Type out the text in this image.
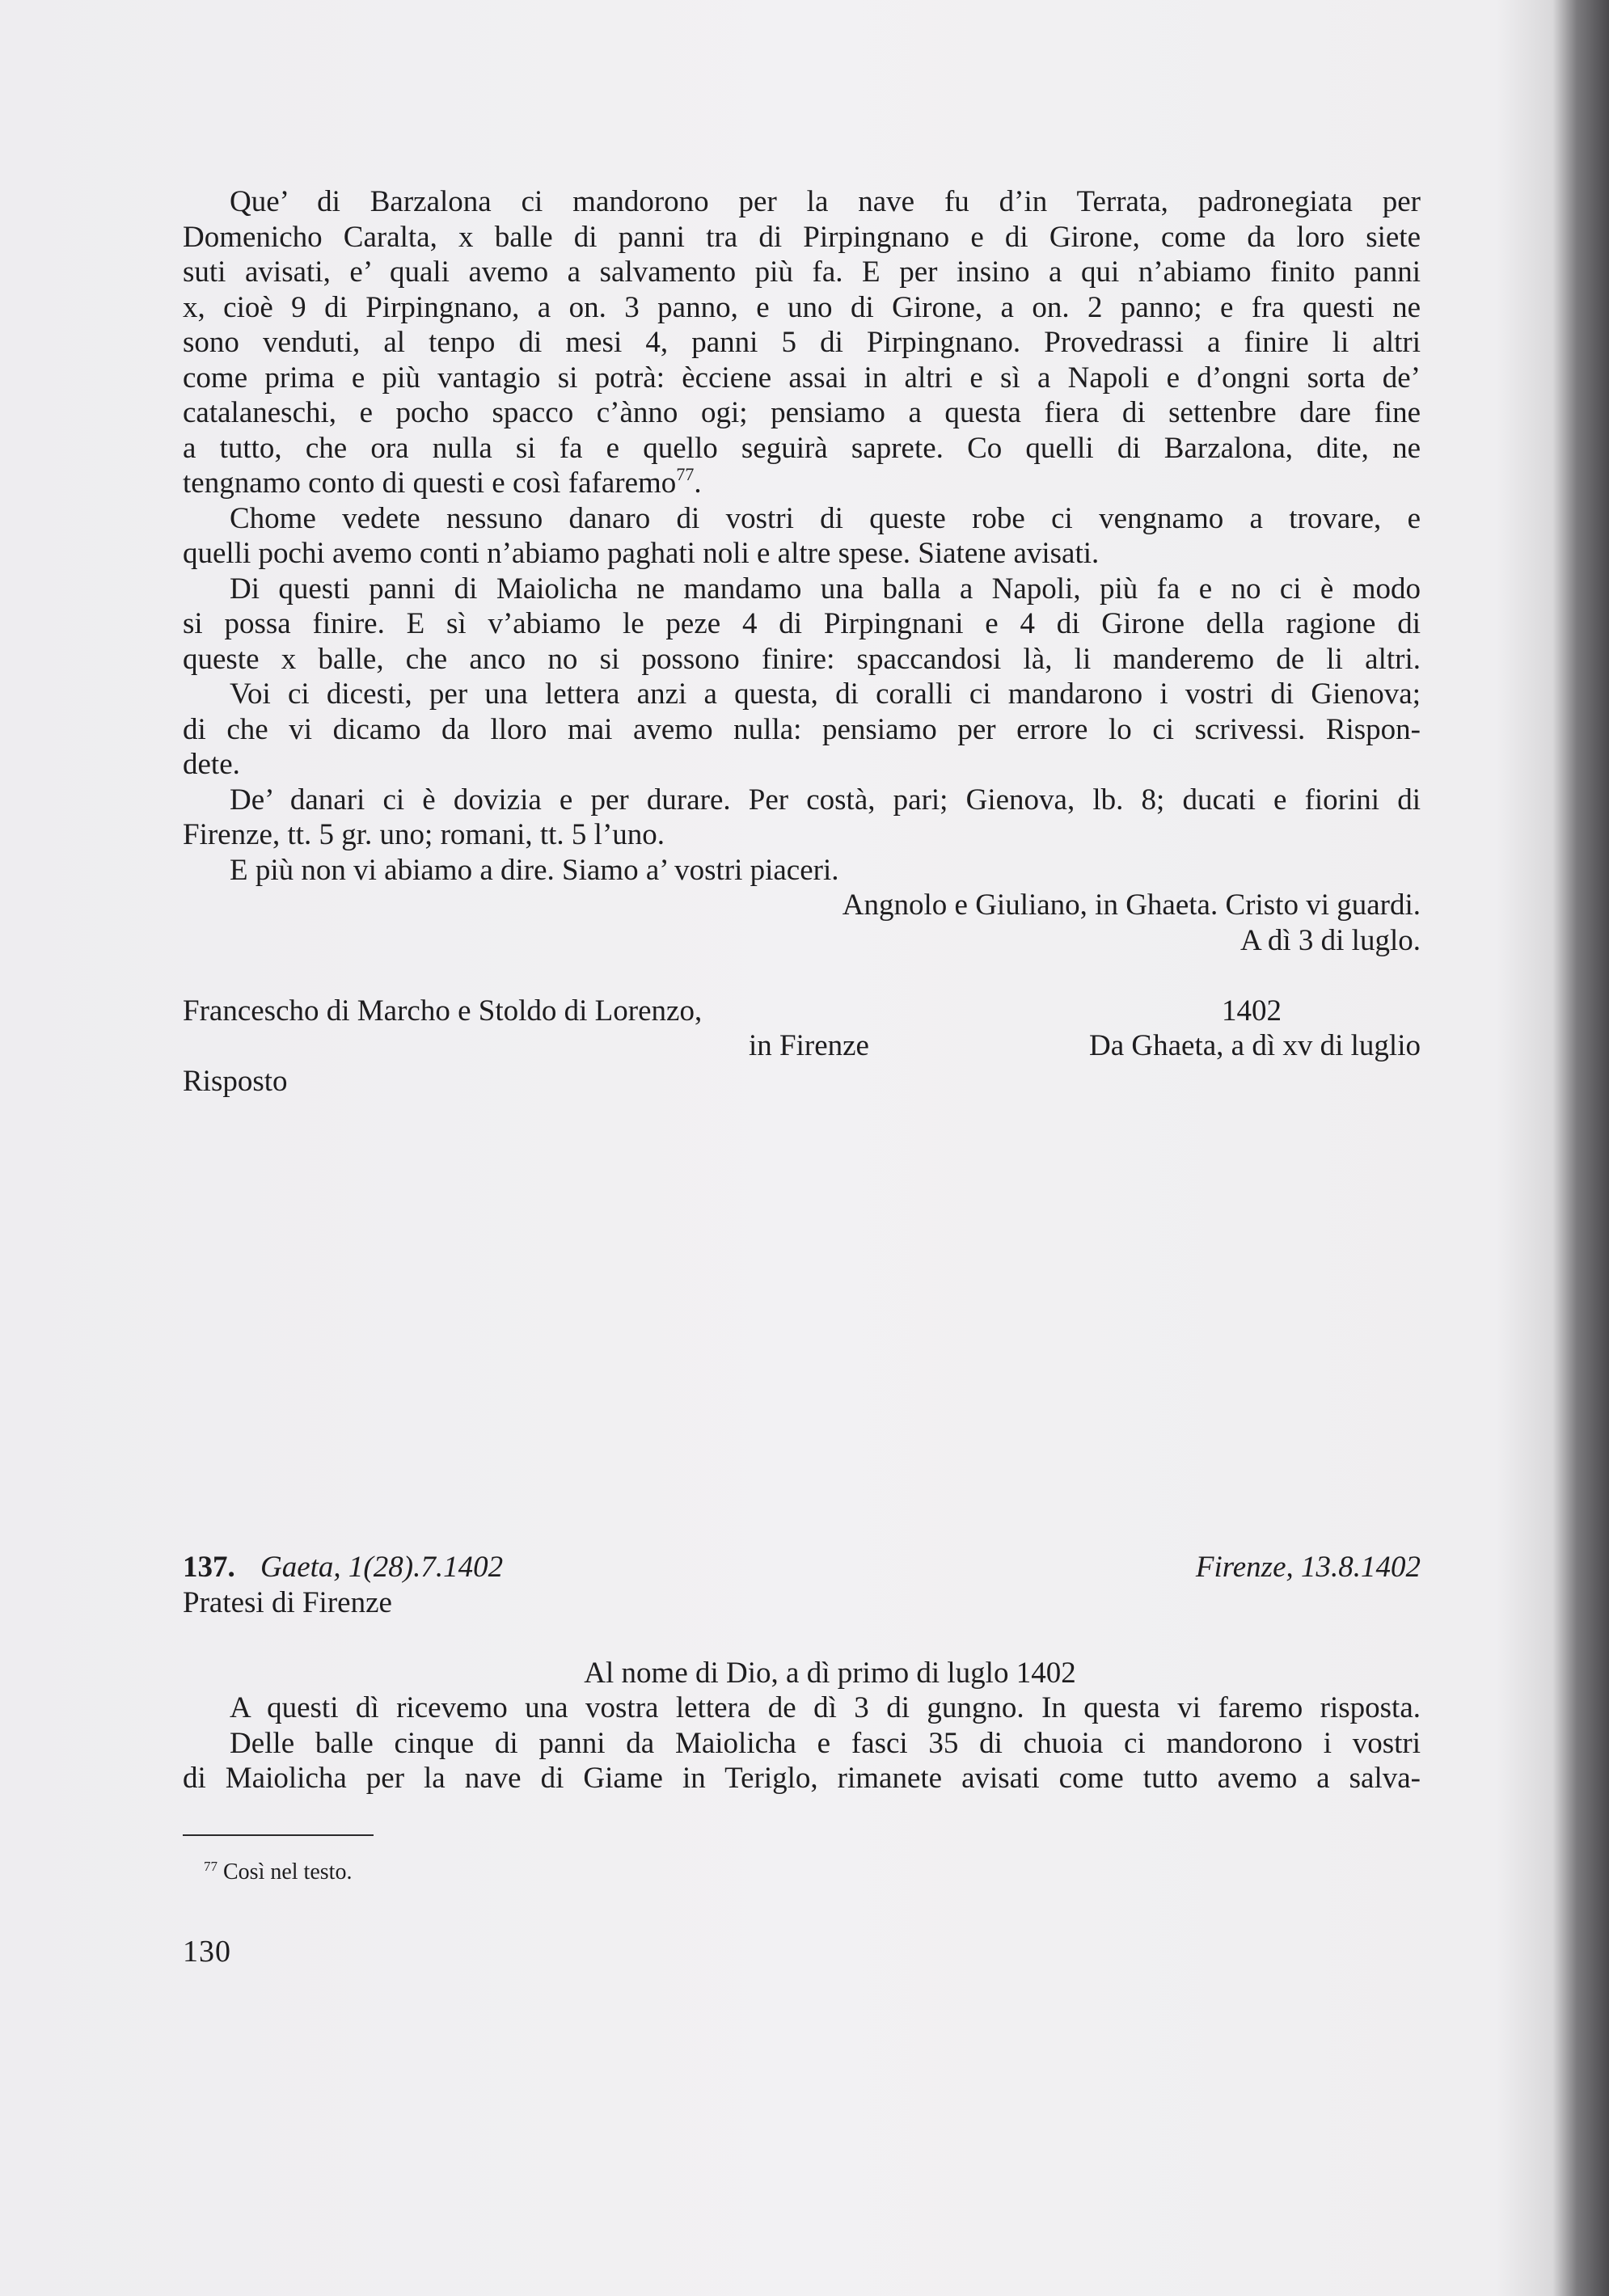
Que’ di Barzalona ci mandorono per la nave fu d’in Terrata, padronegiata per
Domenicho Caralta, x balle di panni tra di Pirpingnano e di Girone, come da loro siete
suti avisati, e’ quali avemo a salvamento più fa. E per insino a qui n’abiamo finito panni
x, cioè 9 di Pirpingnano, a on. 3 panno, e uno di Girone, a on. 2 panno; e fra questi ne
sono venduti, al tenpo di mesi 4, panni 5 di Pirpingnano. Provedrassi a finire li altri
come prima e più vantagio si potrà: ècciene assai in altri e sì a Napoli e d’ongni sorta de’
catalaneschi, e pocho spacco c’ànno ogi; pensiamo a questa fiera di settenbre dare fine
a tutto, che ora nulla si fa e quello seguirà saprete. Co quelli di Barzalona, dite, ne
tengnamo conto di questi e così fafaremo$^{77}$.
Chome vedete nessuno danaro di vostri di queste robe ci vengnamo a trovare, e
quelli pochi avemo conti n’abiamo paghati noli e altre spese. Siatene avisati.
Di questi panni di Maiolicha ne mandamo una balla a Napoli, più fa e no ci è modo
si possa finire. E sì v’abiamo le peze 4 di Pirpingnani e 4 di Girone della ragione di
queste x balle, che anco no si possono finire: spaccandosi là, li manderemo de li altri.
Voi ci dicesti, per una lettera anzi a questa, di coralli ci mandarono i vostri di Gienova;
di che vi dicamo da lloro mai avemo nulla: pensiamo per errore lo ci scrivessi. Rispon-
dete.
De’ danari ci è dovizia e per durare. Per costà, pari; Gienova, lb. 8; ducati e fiorini di
Firenze, tt. 5 gr. uno; romani, tt. 5 l’uno.
E più non vi abiamo a dire. Siamo a’ vostri piaceri.
Angnolo e Giuliano, in Ghaeta. Cristo vi guardi.
A dì 3 di luglo.
Francescho di Marcho e Stoldo di Lorenzo,	1402
in Firenze	Da Ghaeta, a dì xv di luglio
Risposto
137. Gaeta, 1(28).7.1402	Firenze, 13.8.1402
Pratesi di Firenze
Al nome di Dio, a dì primo di luglo 1402
A questi dì ricevemo una vostra lettera de dì 3 di gungno. In questa vi faremo risposta.
Delle balle cinque di panni da Maiolicha e fasci 35 di chuoia ci mandorono i vostri
di Maiolicha per la nave di Giame in Teriglo, rimanete avisati come tutto avemo a salva-
$^{77}$ Così nel testo.
130
